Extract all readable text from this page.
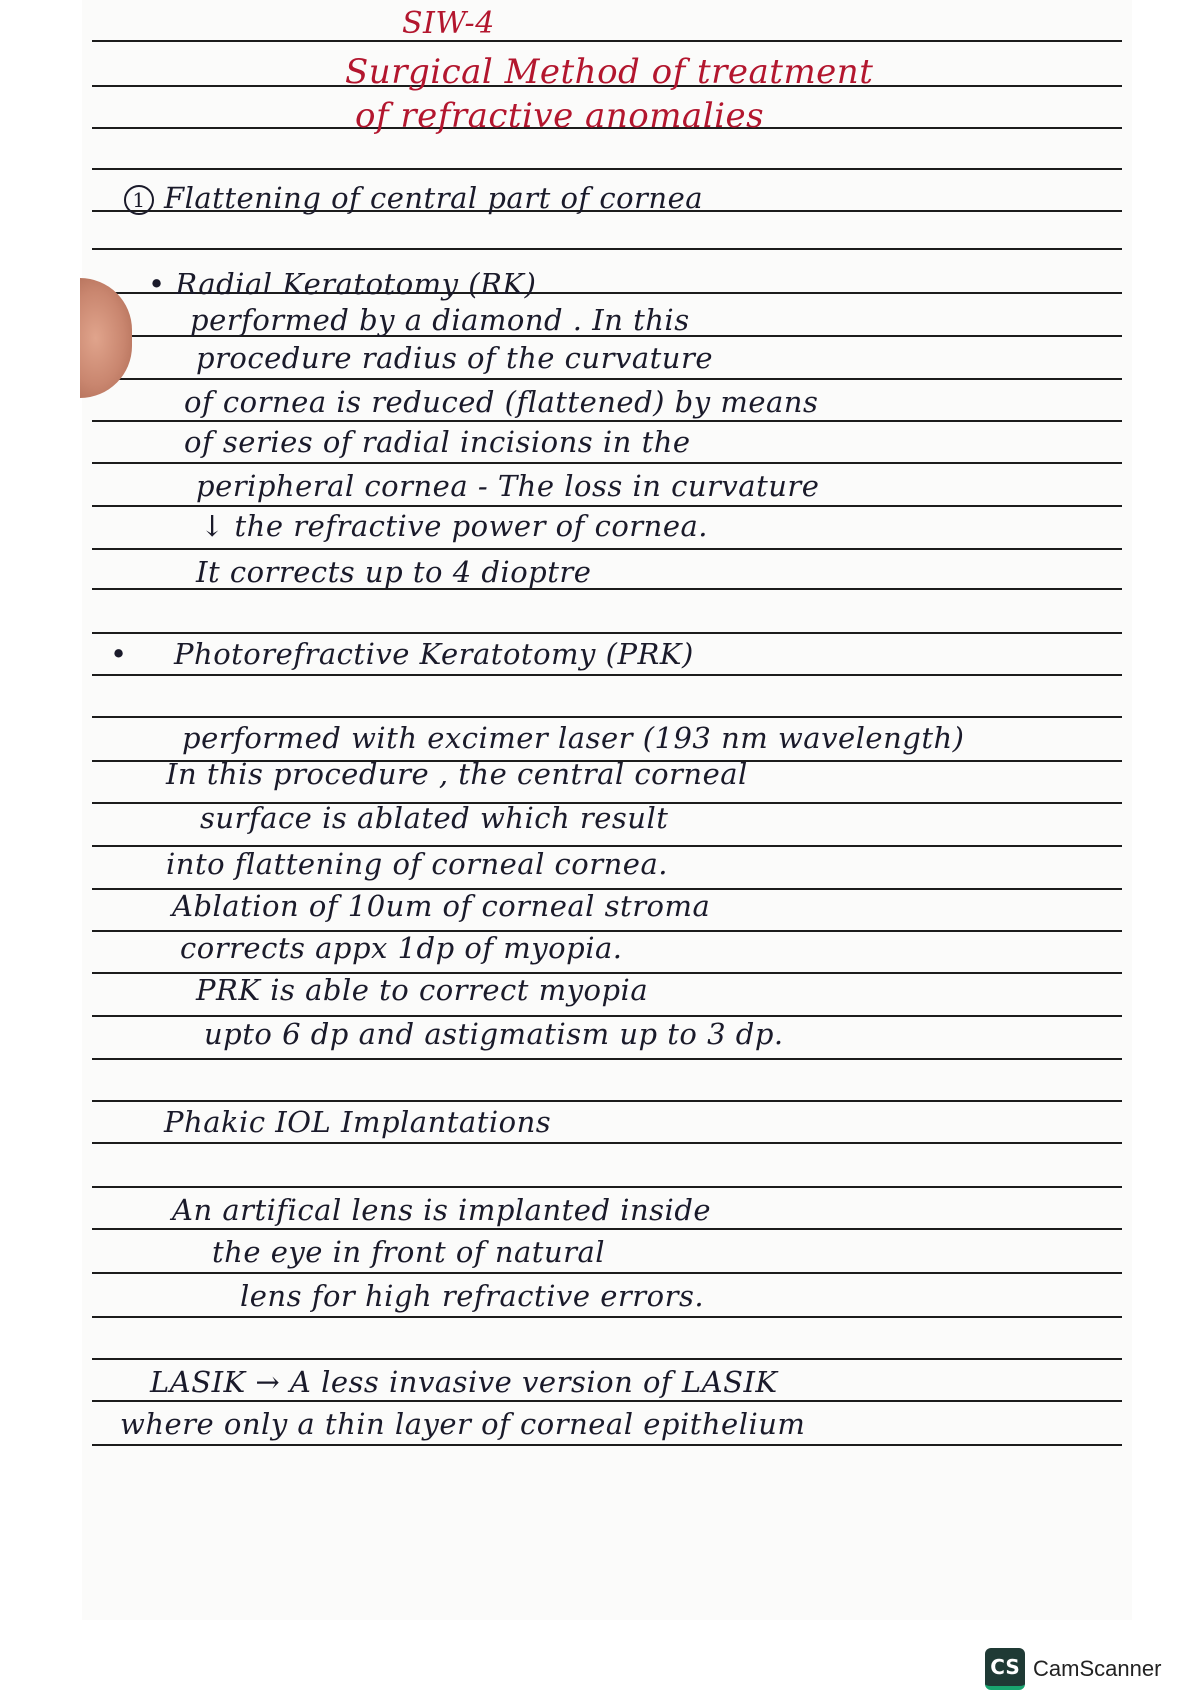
SIW-4
Surgical Method of treatment
of refractive anomalies
1 Flattening of central part of cornea
• Radial Keratotomy (RK)
performed by a diamond . In this
procedure radius of the curvature
of cornea is reduced (flattened) by means
of series of radial incisions in the
peripheral cornea - The loss in curvature
↓ the refractive power of cornea.
It corrects up to 4 dioptre
• Photorefractive Keratotomy (PRK)
performed with excimer laser (193 nm wavelength)
In this procedure , the central corneal
surface is ablated which result
into flattening of corneal cornea.
Ablation of 10um of corneal stroma
corrects appx 1dp of myopia.
PRK is able to correct myopia
upto 6 dp and astigmatism up to 3 dp.
Phakic IOL Implantations
An artifical lens is implanted inside
the eye in front of natural
lens for high refractive errors.
LASIK → A less invasive version of LASIK
where only a thin layer of corneal epithelium
CS CamScanner
